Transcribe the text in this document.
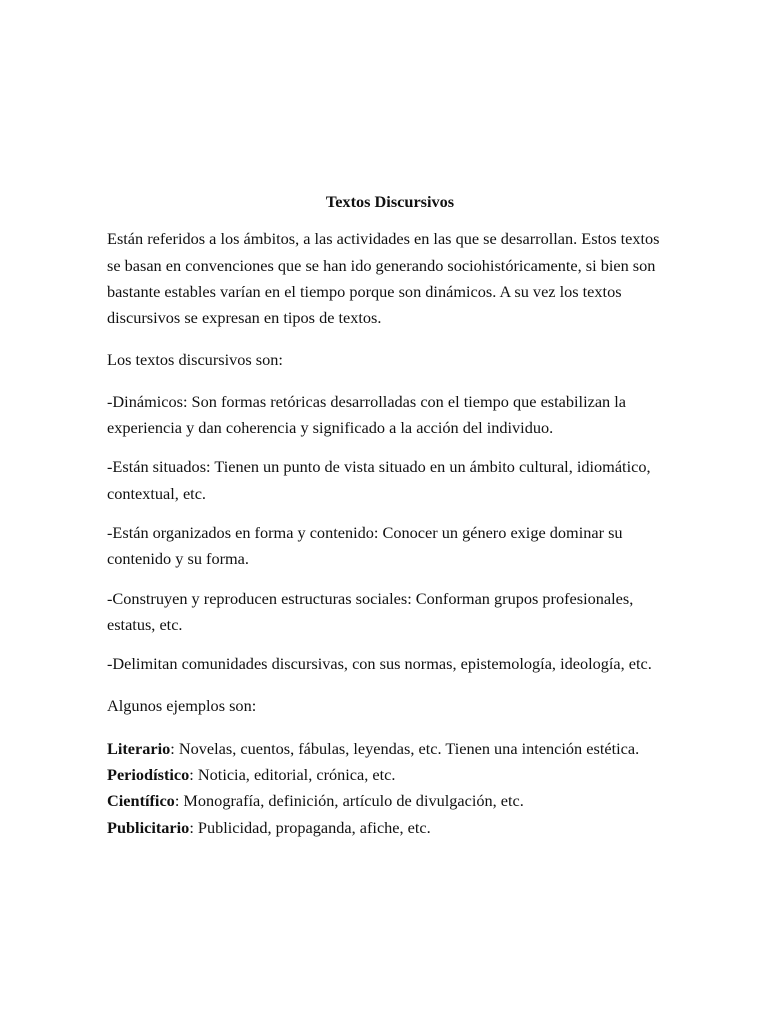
Textos Discursivos

Están referidos a los ámbitos, a las actividades en las que se desarrollan. Estos textos se basan en convenciones que se han ido generando sociohistóricamente, si bien son bastante estables varían en el tiempo porque son dinámicos. A su vez los textos discursivos se expresan en tipos de textos.

Los textos discursivos son:

-Dinámicos: Son formas retóricas desarrolladas con el tiempo que estabilizan la experiencia y dan coherencia y significado a la acción del individuo.

-Están situados: Tienen un punto de vista situado en un ámbito cultural, idiomático, contextual, etc.

-Están organizados en forma y contenido: Conocer un género exige dominar su contenido y su forma.

-Construyen y reproducen estructuras sociales: Conforman grupos profesionales, estatus, etc.

-Delimitan comunidades discursivas, con sus normas, epistemología, ideología, etc.

Algunos ejemplos son:

Literario: Novelas, cuentos, fábulas, leyendas, etc. Tienen una intención estética.

Periodístico: Noticia, editorial, crónica, etc.

Científico: Monografía, definición, artículo de divulgación, etc.

Publicitario: Publicidad, propaganda, afiche, etc.
